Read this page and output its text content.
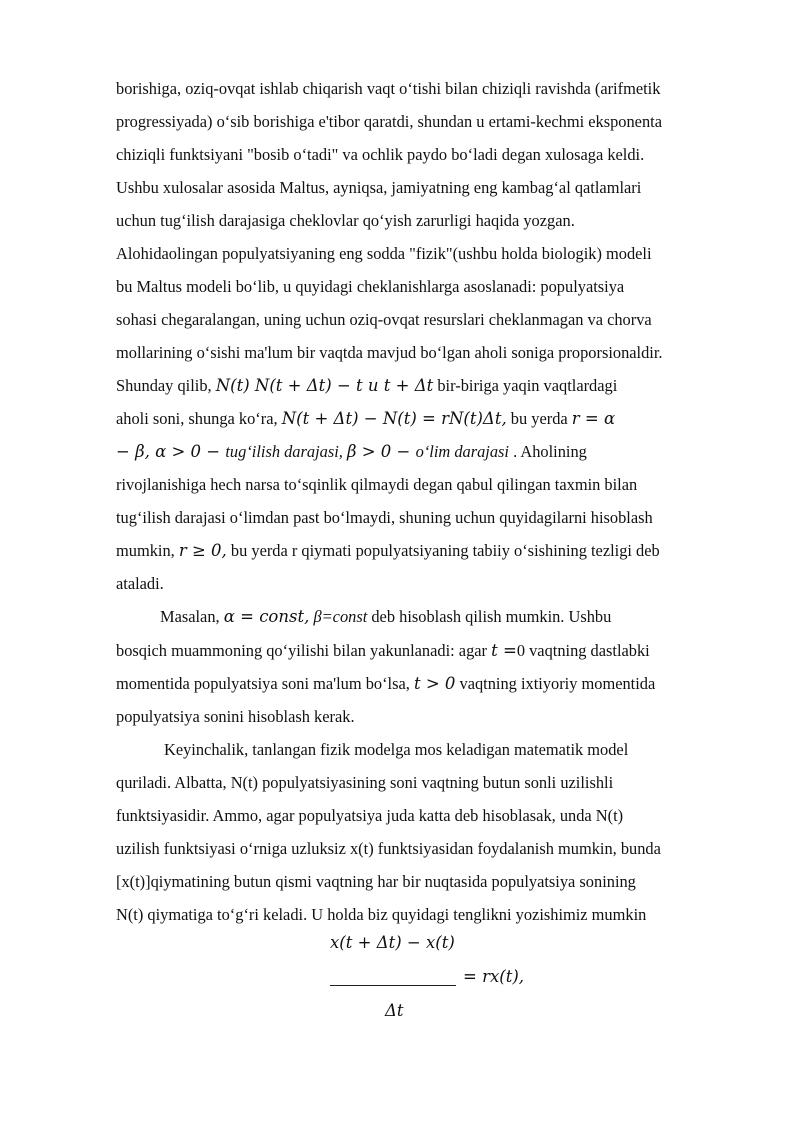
borishiga, oziq-ovqat ishlab chiqarish vaqt o‘tishi bilan chiziqli ravishda (arifmetik
progressiyada) o‘sib borishiga e'tibor qaratdi, shundan u ertami-kechmi eksponenta
chiziqli funktsiyani "bosib o‘tadi" va ochlik paydo bo‘ladi degan xulosaga keldi.
Ushbu xulosalar asosida Maltus, ayniqsa, jamiyatning eng kambag‘al qatlamlari
uchun tug‘ilish darajasiga cheklovlar qo‘yish zarurligi haqida yozgan.
Alohidaolingan populyatsiyaning eng sodda "fizik"(ushbu holda biologik) modeli
bu Maltus modeli bo‘lib, u quyidagi cheklanishlarga asoslanadi: populyatsiya
sohasi chegaralangan, uning uchun oziq-ovqat resurslari cheklanmagan va chorva
mollarining o‘sishi ma'lum bir vaqtda mavjud bo‘lgan aholi soniga proporsionaldir.
Shunday qilib, N(t) N(t + Δt) − t и t + Δt bir-biriga yaqin vaqtlardagi
aholi soni, shunga ko‘ra, N(t + Δt) − N(t) = rN(t)Δt, bu yerda r = α
− β, α > 0 − tug‘ilish darajasi, β > 0 − o‘lim darajasi . Aholining
rivojlanishiga hech narsa to‘sqinlik qilmaydi degan qabul qilingan taxmin bilan
tug‘ilish darajasi o‘limdan past bo‘lmaydi, shuning uchun quyidagilarni hisoblash
mumkin, r ≥ 0, bu yerda r qiymati populyatsiyaning tabiiy o‘sishining tezligi deb
ataladi.
Masalan, α = const, β=const deb hisoblash qilish mumkin. Ushbu
bosqich muammoning qo‘yilishi bilan yakunlanadi: agar t =0 vaqtning dastlabki
momentida populyatsiya soni ma'lum bo‘lsa, t > 0 vaqtning ixtiyoriy momentida
populyatsiya sonini hisoblash kerak.
Keyinchalik, tanlangan fizik modelga mos keladigan matematik model
quriladi. Albatta, N(t) populyatsiyasining soni vaqtning butun sonli uzilishli
funktsiyasidir. Ammo, agar populyatsiya juda katta deb hisoblasak, unda N(t)
uzilish funktsiyasi o‘rniga uzluksiz x(t) funktsiyasidan foydalanish mumkin, bunda
[x(t)]qiymatining butun qismi vaqtning har bir nuqtasida populyatsiya sonining
N(t) qiymatiga to‘g‘ri keladi. U holda biz quyidagi tenglikni yozishimiz mumkin
x(t + Δt) − x(t)
= rx(t),
Δt
